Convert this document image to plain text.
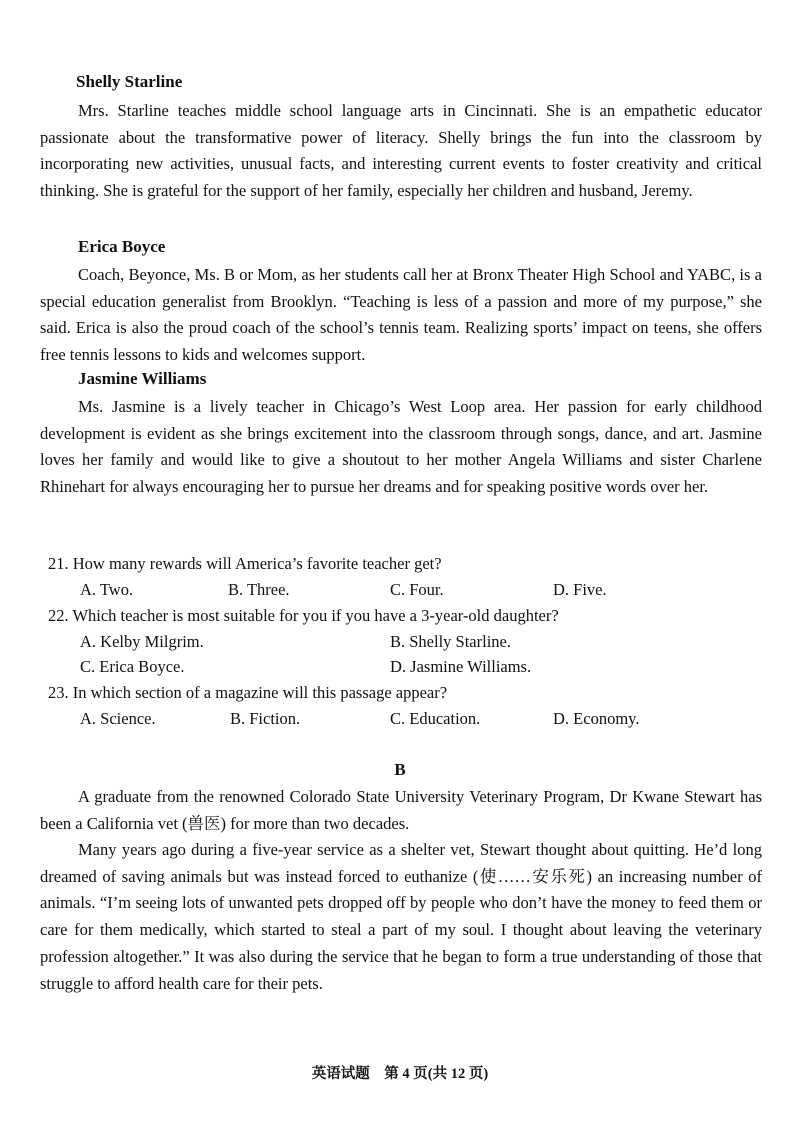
Shelly Starline

Mrs. Starline teaches middle school language arts in Cincinnati. She is an empathetic educator passionate about the transformative power of literacy. Shelly brings the fun into the classroom by incorporating new activities, unusual facts, and interesting current events to foster creativity and critical thinking. She is grateful for the support of her family, especially her children and husband, Jeremy.

Erica Boyce

Coach, Beyonce, Ms. B or Mom, as her students call her at Bronx Theater High School and YABC, is a special education generalist from Brooklyn. “Teaching is less of a passion and more of my purpose,” she said. Erica is also the proud coach of the school’s tennis team. Realizing sports’ impact on teens, she offers free tennis lessons to kids and welcomes support.

Jasmine Williams

Ms. Jasmine is a lively teacher in Chicago’s West Loop area. Her passion for early childhood development is evident as she brings excitement into the classroom through songs, dance, and art. Jasmine loves her family and would like to give a shoutout to her mother Angela Williams and sister Charlene Rhinehart for always encouraging her to pursue her dreams and for speaking positive words over her.

21. How many rewards will America’s favorite teacher get?

A. Two.	B. Three.	C. Four.	D. Five.

22. Which teacher is most suitable for you if you have a 3-year-old daughter?

A. Kelby Milgrim.	B. Shelly Starline.

C. Erica Boyce.	D. Jasmine Williams.

23. In which section of a magazine will this passage appear?

A. Science.	B. Fiction.	C. Education.	D. Economy.

B

A graduate from the renowned Colorado State University Veterinary Program, Dr Kwane Stewart has been a California vet (兽医) for more than two decades.

Many years ago during a five-year service as a shelter vet, Stewart thought about quitting. He’d long dreamed of saving animals but was instead forced to euthanize (使……安乐死) an increasing number of animals. “I’m seeing lots of unwanted pets dropped off by people who don’t have the money to feed them or care for them medically, which started to steal a part of my soul. I thought about leaving the veterinary profession altogether.” It was also during the service that he began to form a true understanding of those that struggle to afford health care for their pets.

英语试题　第 4 页(共 12 页)
